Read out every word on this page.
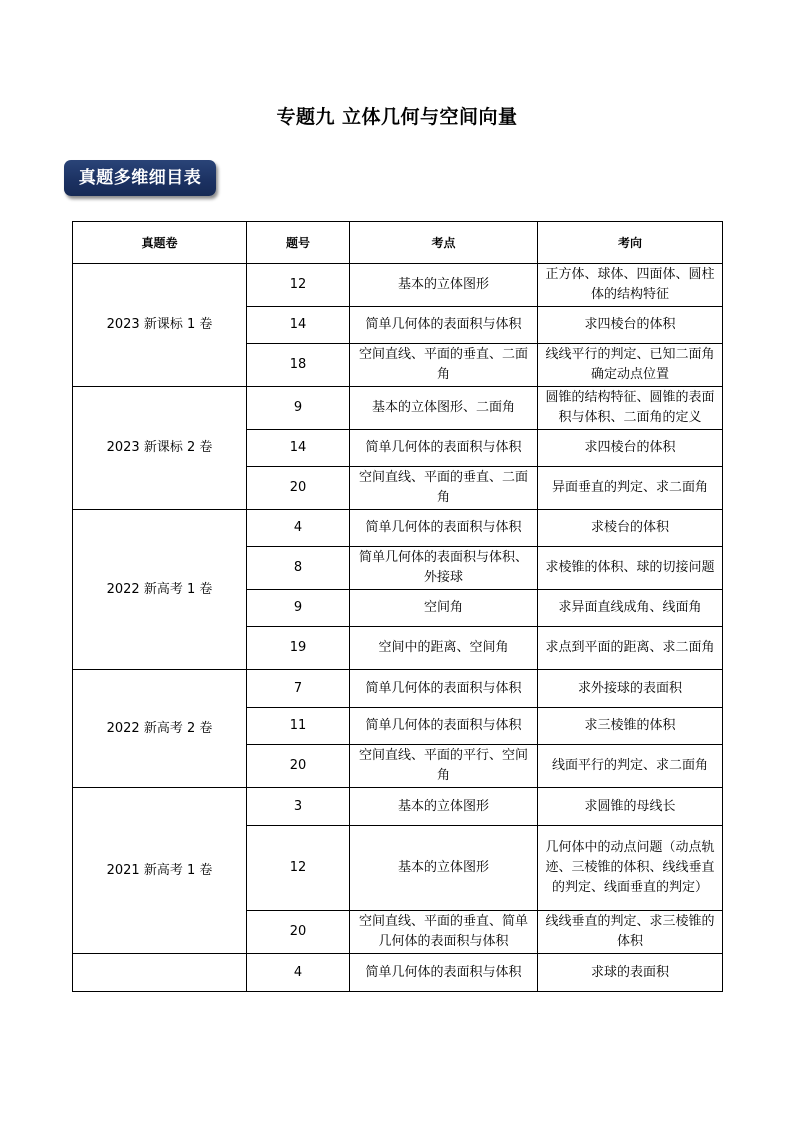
专题九 立体几何与空间向量
真题多维细目表
真题卷	题号	考点	考向
2023 新课标 1 卷	12	基本的立体图形	正方体、球体、四面体、圆柱体的结构特征
	14	简单几何体的表面积与体积	求四棱台的体积
	18	空间直线、平面的垂直、二面角	线线平行的判定、已知二面角确定动点位置
2023 新课标 2 卷	9	基本的立体图形、二面角	圆锥的结构特征、圆锥的表面积与体积、二面角的定义
	14	简单几何体的表面积与体积	求四棱台的体积
	20	空间直线、平面的垂直、二面角	异面垂直的判定、求二面角
2022 新高考 1 卷	4	简单几何体的表面积与体积	求棱台的体积
	8	简单几何体的表面积与体积、外接球	求棱锥的体积、球的切接问题
	9	空间角	求异面直线成角、线面角
	19	空间中的距离、空间角	求点到平面的距离、求二面角
2022 新高考 2 卷	7	简单几何体的表面积与体积	求外接球的表面积
	11	简单几何体的表面积与体积	求三棱锥的体积
	20	空间直线、平面的平行、空间角	线面平行的判定、求二面角
2021 新高考 1 卷	3	基本的立体图形	求圆锥的母线长
	12	基本的立体图形	几何体中的动点问题（动点轨迹、三棱锥的体积、线线垂直的判定、线面垂直的判定）
	20	空间直线、平面的垂直、简单几何体的表面积与体积	线线垂直的判定、求三棱锥的体积
	4	简单几何体的表面积与体积	求球的表面积
